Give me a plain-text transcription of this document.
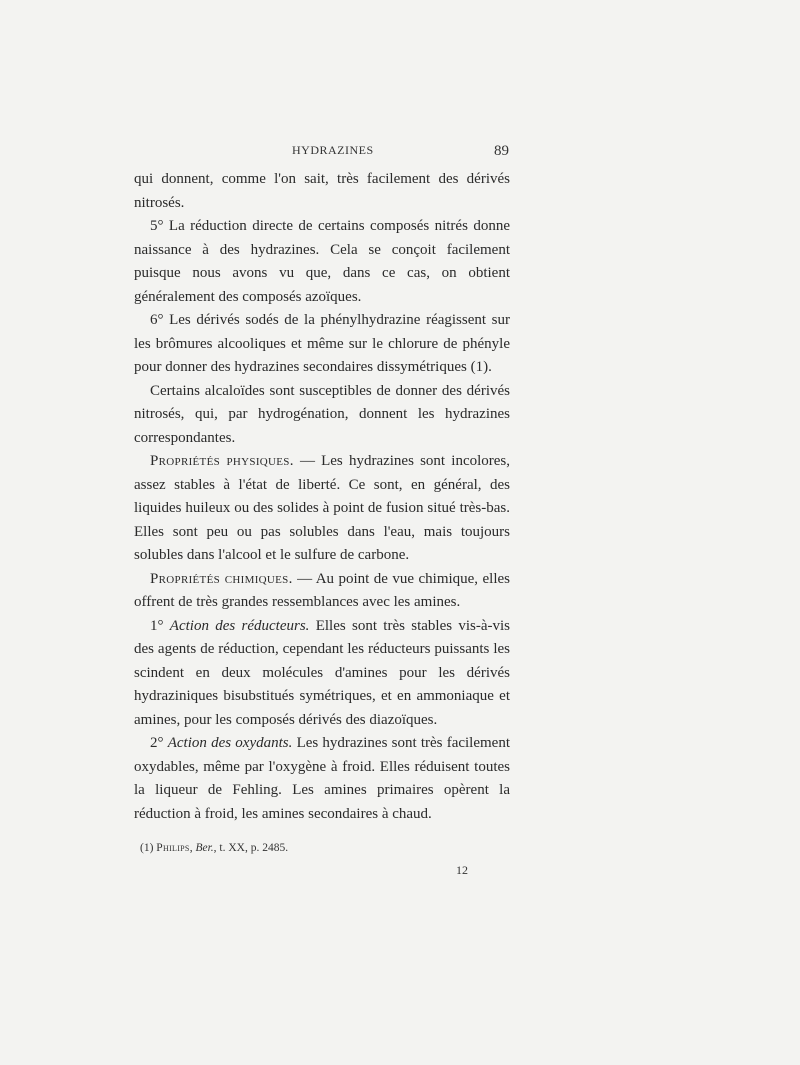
HYDRAZINES	89

qui donnent, comme l'on sait, très facilement des dérivés nitrosés.

5° La réduction directe de certains composés nitrés donne naissance à des hydrazines. Cela se conçoit facilement puisque nous avons vu que, dans ce cas, on obtient généralement des composés azoïques.

6° Les dérivés sodés de la phénylhydrazine réagissent sur les brômures alcooliques et même sur le chlorure de phényle pour donner des hydrazines secondaires dissymétriques (1).

Certains alcaloïdes sont susceptibles de donner des dérivés nitrosés, qui, par hydrogénation, donnent les hydrazines correspondantes.

Propriétés physiques. — Les hydrazines sont incolores, assez stables à l'état de liberté. Ce sont, en général, des liquides huileux ou des solides à point de fusion situé très-bas. Elles sont peu ou pas solubles dans l'eau, mais toujours solubles dans l'alcool et le sulfure de carbone.

Propriétés chimiques. — Au point de vue chimique, elles offrent de très grandes ressemblances avec les amines.

1° Action des réducteurs. Elles sont très stables vis-à-vis des agents de réduction, cependant les réducteurs puissants les scindent en deux molécules d'amines pour les dérivés hydraziniques bisubstitués symétriques, et en ammoniaque et amines, pour les composés dérivés des diazoïques.

2° Action des oxydants. Les hydrazines sont très facilement oxydables, même par l'oxygène à froid. Elles réduisent toutes la liqueur de Fehling. Les amines primaires opèrent la réduction à froid, les amines secondaires à chaud.

(1) Philips, Ber., t. XX, p. 2485.
12
